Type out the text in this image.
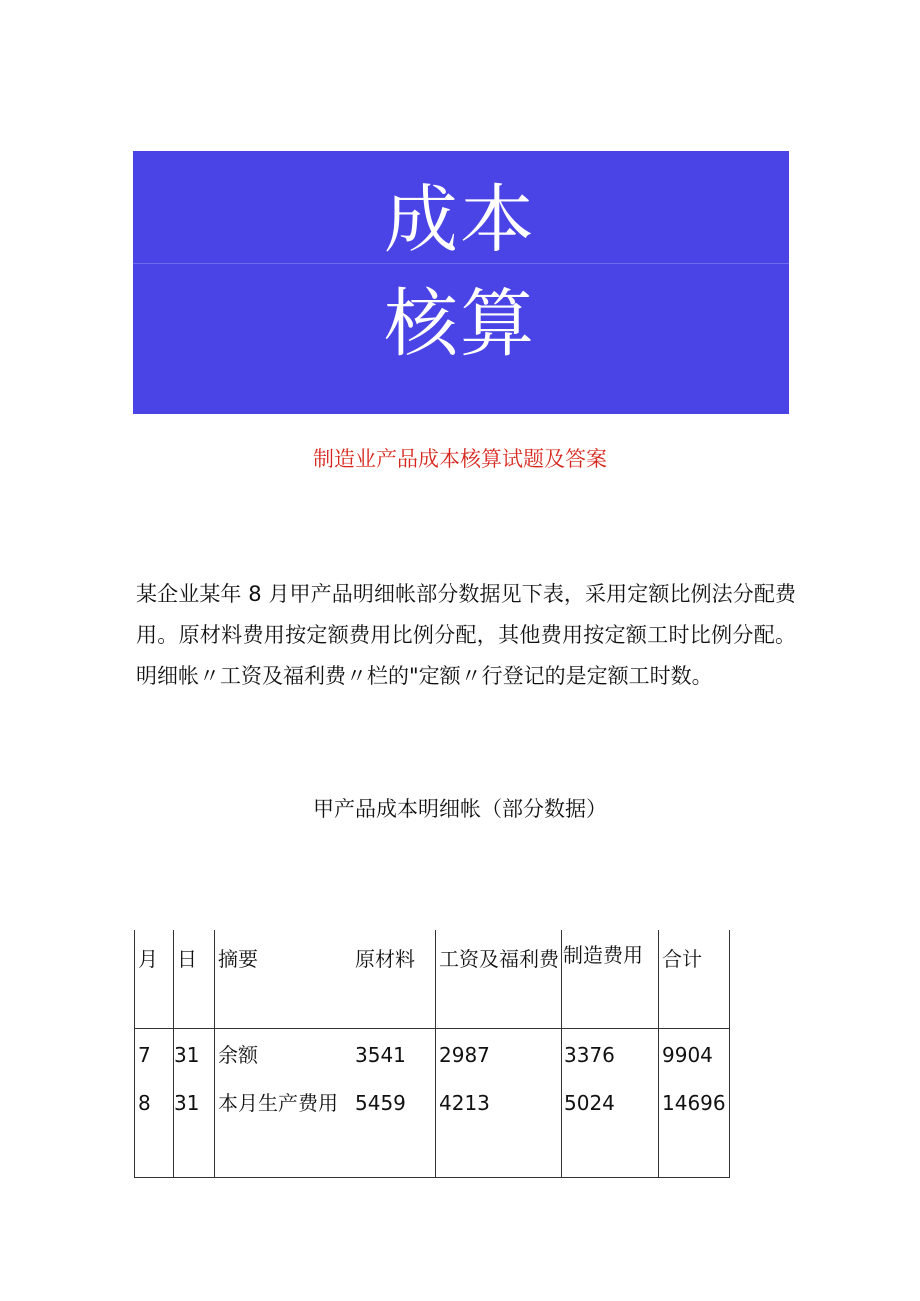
成本
核算
制造业产品成本核算试题及答案

某企业某年 8 月甲产品明细帐部分数据见下表，采用定额比例法分配费用。原材料费用按定额费用比例分配，其他费用按定额工时比例分配。明细帐〃工资及福利费〃栏的"定额〃行登记的是定额工时数。

甲产品成本明细帐（部分数据）
月 日 摘要	原材料 工资及福利费 制造费用 合计
7 31 余额	3541 2987	3376 9904
8 31 本月生产费用 5459 4213	5024 14696
